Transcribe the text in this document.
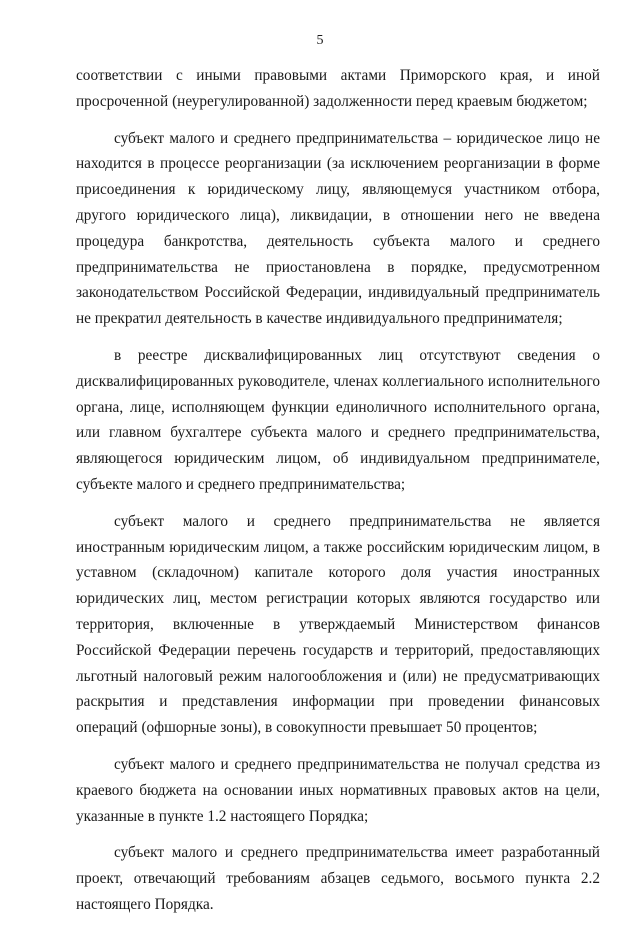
5

соответствии с иными правовыми актами Приморского края, и иной просроченной (неурегулированной) задолженности перед краевым бюджетом;

субъект малого и среднего предпринимательства – юридическое лицо не находится в процессе реорганизации (за исключением реорганизации в форме присоединения к юридическому лицу, являющемуся участником отбора, другого юридического лица), ликвидации, в отношении него не введена процедура банкротства, деятельность субъекта малого и среднего предпринимательства не приостановлена в порядке, предусмотренном законодательством Российской Федерации, индивидуальный предприниматель не прекратил деятельность в качестве индивидуального предпринимателя;

в реестре дисквалифицированных лиц отсутствуют сведения о дисквалифицированных руководителе, членах коллегиального исполнительного органа, лице, исполняющем функции единоличного исполнительного органа, или главном бухгалтере субъекта малого и среднего предпринимательства, являющегося юридическим лицом, об индивидуальном предпринимателе, субъекте малого и среднего предпринимательства;

субъект малого и среднего предпринимательства не является иностранным юридическим лицом, а также российским юридическим лицом, в уставном (складочном) капитале которого доля участия иностранных юридических лиц, местом регистрации которых являются государство или территория, включенные в утверждаемый Министерством финансов Российской Федерации перечень государств и территорий, предоставляющих льготный налоговый режим налогообложения и (или) не предусматривающих раскрытия и представления информации при проведении финансовых операций (офшорные зоны), в совокупности превышает 50 процентов;

субъект малого и среднего предпринимательства не получал средства из краевого бюджета на основании иных нормативных правовых актов на цели, указанные в пункте 1.2 настоящего Порядка;

субъект малого и среднего предпринимательства имеет разработанный проект, отвечающий требованиям абзацев седьмого, восьмого пункта 2.2 настоящего Порядка.
